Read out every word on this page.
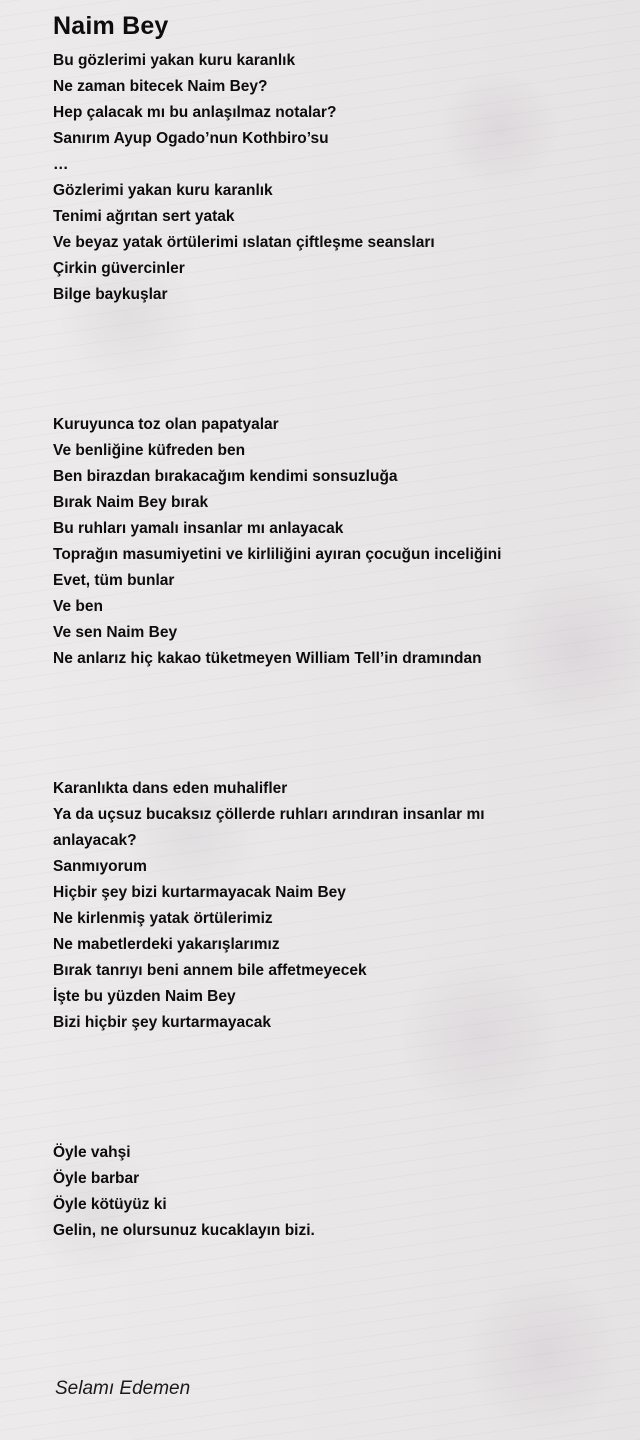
Naim Bey
Bu gözlerimi yakan kuru karanlık
Ne zaman bitecek Naim Bey?
Hep çalacak mı bu anlaşılmaz notalar?
Sanırım Ayup Ogado’nun Kothbiro’su
…
Gözlerimi yakan kuru karanlık
Tenimi ağrıtan sert yatak
Ve beyaz yatak örtülerimi ıslatan çiftleşme seansları
Çirkin güvercinler
Bilge baykuşlar
Kuruyunca toz olan papatyalar
Ve benliğine küfreden ben
Ben birazdan bırakacağım kendimi sonsuzluğa
Bırak Naim Bey bırak
Bu ruhları yamalı insanlar mı anlayacak
Toprağın masumiyetini ve kirliliğini ayıran çocuğun inceliğini
Evet, tüm bunlar
Ve ben
Ve sen Naim Bey
Ne anlarız hiç kakao tüketmeyen William Tell’in dramından
Karanlıkta dans eden muhalifler
Ya da uçsuz bucaksız çöllerde ruhları arındıran insanlar mı anlayacak?
Sanmıyorum
Hiçbir şey bizi kurtarmayacak Naim Bey
Ne kirlenmiş yatak örtülerimiz
Ne mabetlerdeki yakarışlarımız
Bırak tanrıyı beni annem bile affetmeyecek
İşte bu yüzden Naim Bey
Bizi hiçbir şey kurtarmayacak
Öyle vahşi
Öyle barbar
Öyle kötüyüz ki
Gelin, ne olursunuz kucaklayın bizi.
Selamı Edemen
